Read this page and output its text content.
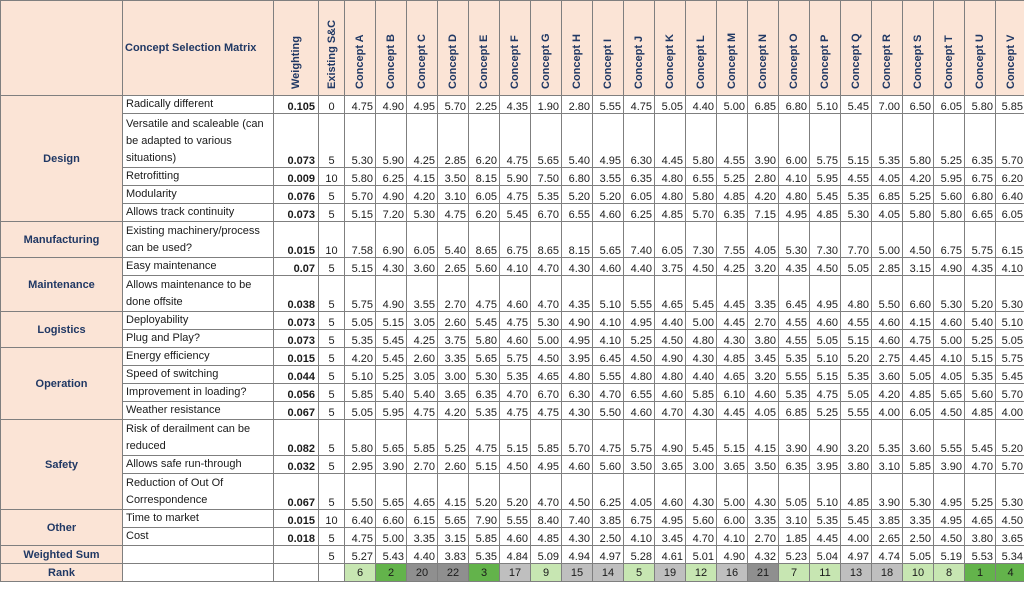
	Concept Selection Matrix	Weighting	Existing S&C	Concept A	Concept B	Concept C	Concept D	Concept E	Concept F	Concept G	Concept H	Concept I	Concept J	Concept K	Concept L	Concept M	Concept N	Concept O	Concept P	Concept Q	Concept R	Concept S	Concept T	Concept U	Concept V

Design	Radically different	0.105	0	4.75	4.90	4.95	5.70	2.25	4.35	1.90	2.80	5.55	4.75	5.05	4.40	5.00	6.85	6.80	5.10	5.45	7.00	6.50	6.05	5.80	5.85
	Versatile and scaleable (can be adapted to various situations)	0.073	5	5.30	5.90	4.25	2.85	6.20	4.75	5.65	5.40	4.95	6.30	4.45	5.80	4.55	3.90	6.00	5.75	5.15	5.35	5.80	5.25	6.35	5.70
	Retrofitting	0.009	10	5.80	6.25	4.15	3.50	8.15	5.90	7.50	6.80	3.55	6.35	4.80	6.55	5.25	2.80	4.10	5.95	4.55	4.05	4.20	5.95	6.75	6.20
	Modularity	0.076	5	5.70	4.90	4.20	3.10	6.05	4.75	5.35	5.20	5.20	6.05	4.80	5.80	4.85	4.20	4.80	5.45	5.35	6.85	5.25	5.60	6.80	6.40
	Allows track continuity	0.073	5	5.15	7.20	5.30	4.75	6.20	5.45	6.70	6.55	4.60	6.25	4.85	5.70	6.35	7.15	4.95	4.85	5.30	4.05	5.80	5.80	6.65	6.05
Manufacturing	Existing machinery/process can be used?	0.015	10	7.58	6.90	6.05	5.40	8.65	6.75	8.65	8.15	5.65	7.40	6.05	7.30	7.55	4.05	5.30	7.30	7.70	5.00	4.50	6.75	5.75	6.15
Maintenance	Easy maintenance	0.07	5	5.15	4.30	3.60	2.65	5.60	4.10	4.70	4.30	4.60	4.40	3.75	4.50	4.25	3.20	4.35	4.50	5.05	2.85	3.15	4.90	4.35	4.10
	Allows maintenance to be done offsite	0.038	5	5.75	4.90	3.55	2.70	4.75	4.60	4.70	4.35	5.10	5.55	4.65	5.45	4.45	3.35	6.45	4.95	4.80	5.50	6.60	5.30	5.20	5.30
Logistics	Deployability	0.073	5	5.05	5.15	3.05	2.60	5.45	4.75	5.30	4.90	4.10	4.95	4.40	5.00	4.45	2.70	4.55	4.60	4.55	4.60	4.15	4.60	5.40	5.10
	Plug and Play?	0.073	5	5.35	5.45	4.25	3.75	5.80	4.60	5.00	4.95	4.10	5.25	4.50	4.80	4.30	3.80	4.55	5.05	5.15	4.60	4.75	5.00	5.25	5.05
Operation	Energy efficiency	0.015	5	4.20	5.45	2.60	3.35	5.65	5.75	4.50	3.95	6.45	4.50	4.90	4.30	4.85	3.45	5.35	5.10	5.20	2.75	4.45	4.10	5.15	5.75
	Speed of switching	0.044	5	5.10	5.25	3.05	3.00	5.30	5.35	4.65	4.80	5.55	4.80	4.80	4.40	4.65	3.20	5.55	5.15	5.35	3.60	5.05	4.05	5.35	5.45
	Improvement in loading?	0.056	5	5.85	5.40	5.40	3.65	6.35	4.70	6.70	6.30	4.70	6.55	4.60	5.85	6.10	4.60	5.35	4.75	5.05	4.20	4.85	5.65	5.60	5.70
	Weather resistance	0.067	5	5.05	5.95	4.75	4.20	5.35	4.75	4.75	4.30	5.50	4.60	4.70	4.30	4.45	4.05	6.85	5.25	5.55	4.00	6.05	4.50	4.85	4.00
Safety	Risk of derailment can be reduced	0.082	5	5.80	5.65	5.85	5.25	4.75	5.15	5.85	5.70	4.75	5.75	4.90	5.45	5.15	4.15	3.90	4.90	3.20	5.35	3.60	5.55	5.45	5.20
	Allows safe run-through	0.032	5	2.95	3.90	2.70	2.60	5.15	4.50	4.95	4.60	5.60	3.50	3.65	3.00	3.65	3.50	6.35	3.95	3.80	3.10	5.85	3.90	4.70	5.70
	Reduction of Out Of Correspondence	0.067	5	5.50	5.65	4.65	4.15	5.20	5.20	4.70	4.50	6.25	4.05	4.60	4.30	5.00	4.30	5.05	5.10	4.85	3.90	5.30	4.95	5.25	5.30
Other	Time to market	0.015	10	6.40	6.60	6.15	5.65	7.90	5.55	8.40	7.40	3.85	6.75	4.95	5.60	6.00	3.35	3.10	5.35	5.45	3.85	3.35	4.95	4.65	4.50
	Cost	0.018	5	4.75	5.00	3.35	3.15	5.85	4.60	4.85	4.30	2.50	4.10	3.45	4.70	4.10	2.70	1.85	4.45	4.00	2.65	2.50	4.50	3.80	3.65
Weighted Sum			5	5.27	5.43	4.40	3.83	5.35	4.84	5.09	4.94	4.97	5.28	4.61	5.01	4.90	4.32	5.23	5.04	4.97	4.74	5.05	5.19	5.53	5.34
Rank				6	2	20	22	3	17	9	15	14	5	19	12	16	21	7	11	13	18	10	8	1	4
